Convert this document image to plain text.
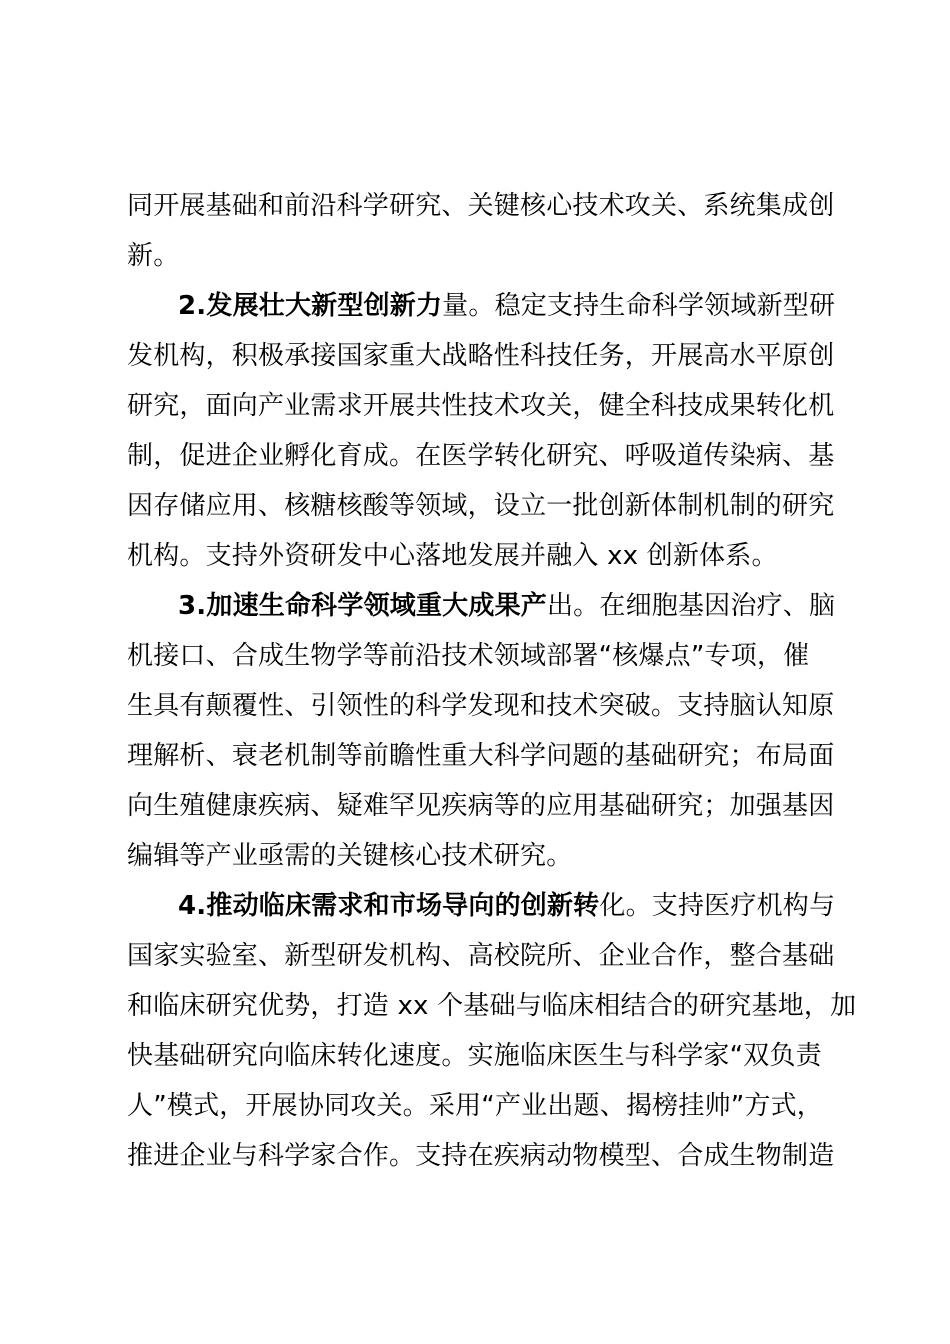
同开展基础和前沿科学研究、关键核心技术攻关、系统集成创
新。
2.发展壮大新型创新力量。稳定支持生命科学领域新型研
发机构，积极承接国家重大战略性科技任务，开展高水平原创
研究，面向产业需求开展共性技术攻关，健全科技成果转化机
制，促进企业孵化育成。在医学转化研究、呼吸道传染病、基
因存储应用、核糖核酸等领域，设立一批创新体制机制的研究
机构。支持外资研发中心落地发展并融入 xx 创新体系。
3.加速生命科学领域重大成果产出。在细胞基因治疗、脑
机接口、合成生物学等前沿技术领域部署“核爆点”专项，催
生具有颠覆性、引领性的科学发现和技术突破。支持脑认知原
理解析、衰老机制等前瞻性重大科学问题的基础研究；布局面
向生殖健康疾病、疑难罕见疾病等的应用基础研究；加强基因
编辑等产业亟需的关键核心技术研究。
4.推动临床需求和市场导向的创新转化。支持医疗机构与
国家实验室、新型研发机构、高校院所、企业合作，整合基础
和临床研究优势，打造 xx 个基础与临床相结合的研究基地，加
快基础研究向临床转化速度。实施临床医生与科学家“双负责
人”模式，开展协同攻关。采用“产业出题、揭榜挂帅”方式，
推进企业与科学家合作。支持在疾病动物模型、合成生物制造
